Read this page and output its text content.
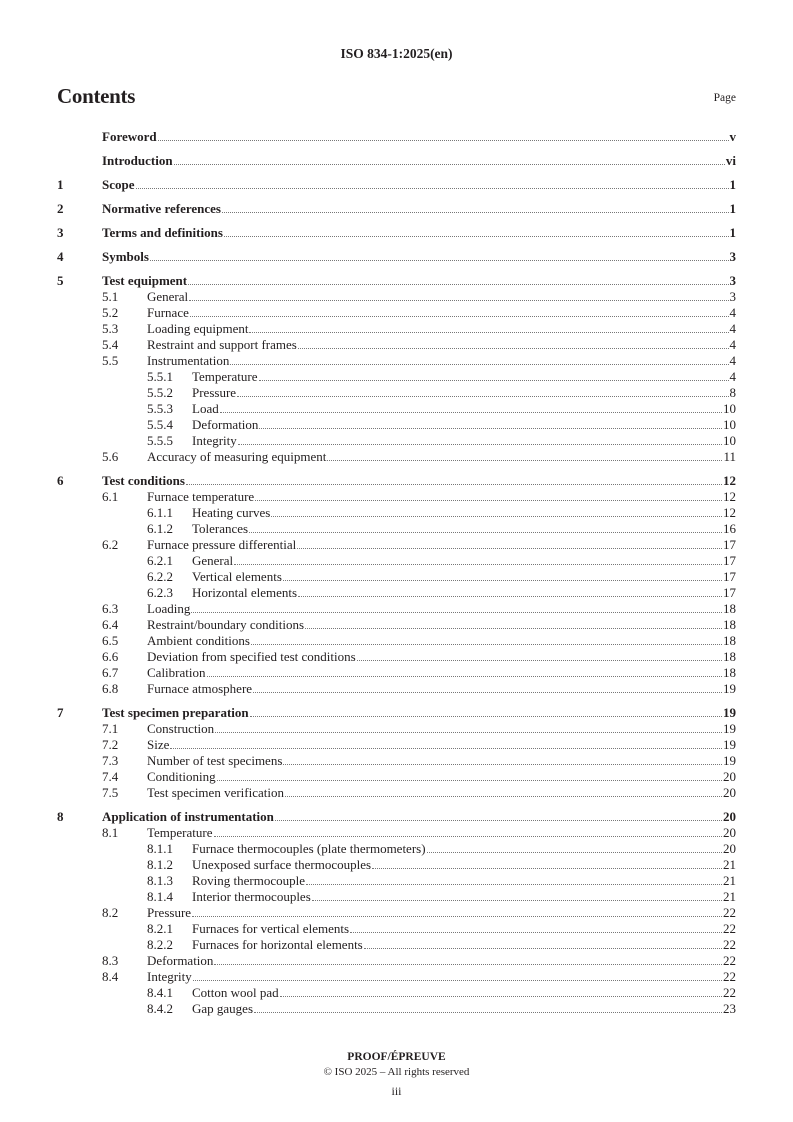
ISO 834-1:2025(en)
Contents	Page
Foreword	v
Introduction	vi
1	Scope	1
2	Normative references	1
3	Terms and definitions	1
4	Symbols	3
5	Test equipment	3
5.1	General	3
5.2	Furnace	4
5.3	Loading equipment	4
5.4	Restraint and support frames	4
5.5	Instrumentation	4
5.5.1	Temperature	4
5.5.2	Pressure	8
5.5.3	Load	10
5.5.4	Deformation	10
5.5.5	Integrity	10
5.6	Accuracy of measuring equipment	11
6	Test conditions	12
6.1	Furnace temperature	12
6.1.1	Heating curves	12
6.1.2	Tolerances	16
6.2	Furnace pressure differential	17
6.2.1	General	17
6.2.2	Vertical elements	17
6.2.3	Horizontal elements	17
6.3	Loading	18
6.4	Restraint/boundary conditions	18
6.5	Ambient conditions	18
6.6	Deviation from specified test conditions	18
6.7	Calibration	18
6.8	Furnace atmosphere	19
7	Test specimen preparation	19
7.1	Construction	19
7.2	Size	19
7.3	Number of test specimens	19
7.4	Conditioning	20
7.5	Test specimen verification	20
8	Application of instrumentation	20
8.1	Temperature	20
8.1.1	Furnace thermocouples (plate thermometers)	20
8.1.2	Unexposed surface thermocouples	21
8.1.3	Roving thermocouple	21
8.1.4	Interior thermocouples	21
8.2	Pressure	22
8.2.1	Furnaces for vertical elements	22
8.2.2	Furnaces for horizontal elements	22
8.3	Deformation	22
8.4	Integrity	22
8.4.1	Cotton wool pad	22
8.4.2	Gap gauges	23
PROOF/ÉPREUVE
© ISO 2025 – All rights reserved
iii
